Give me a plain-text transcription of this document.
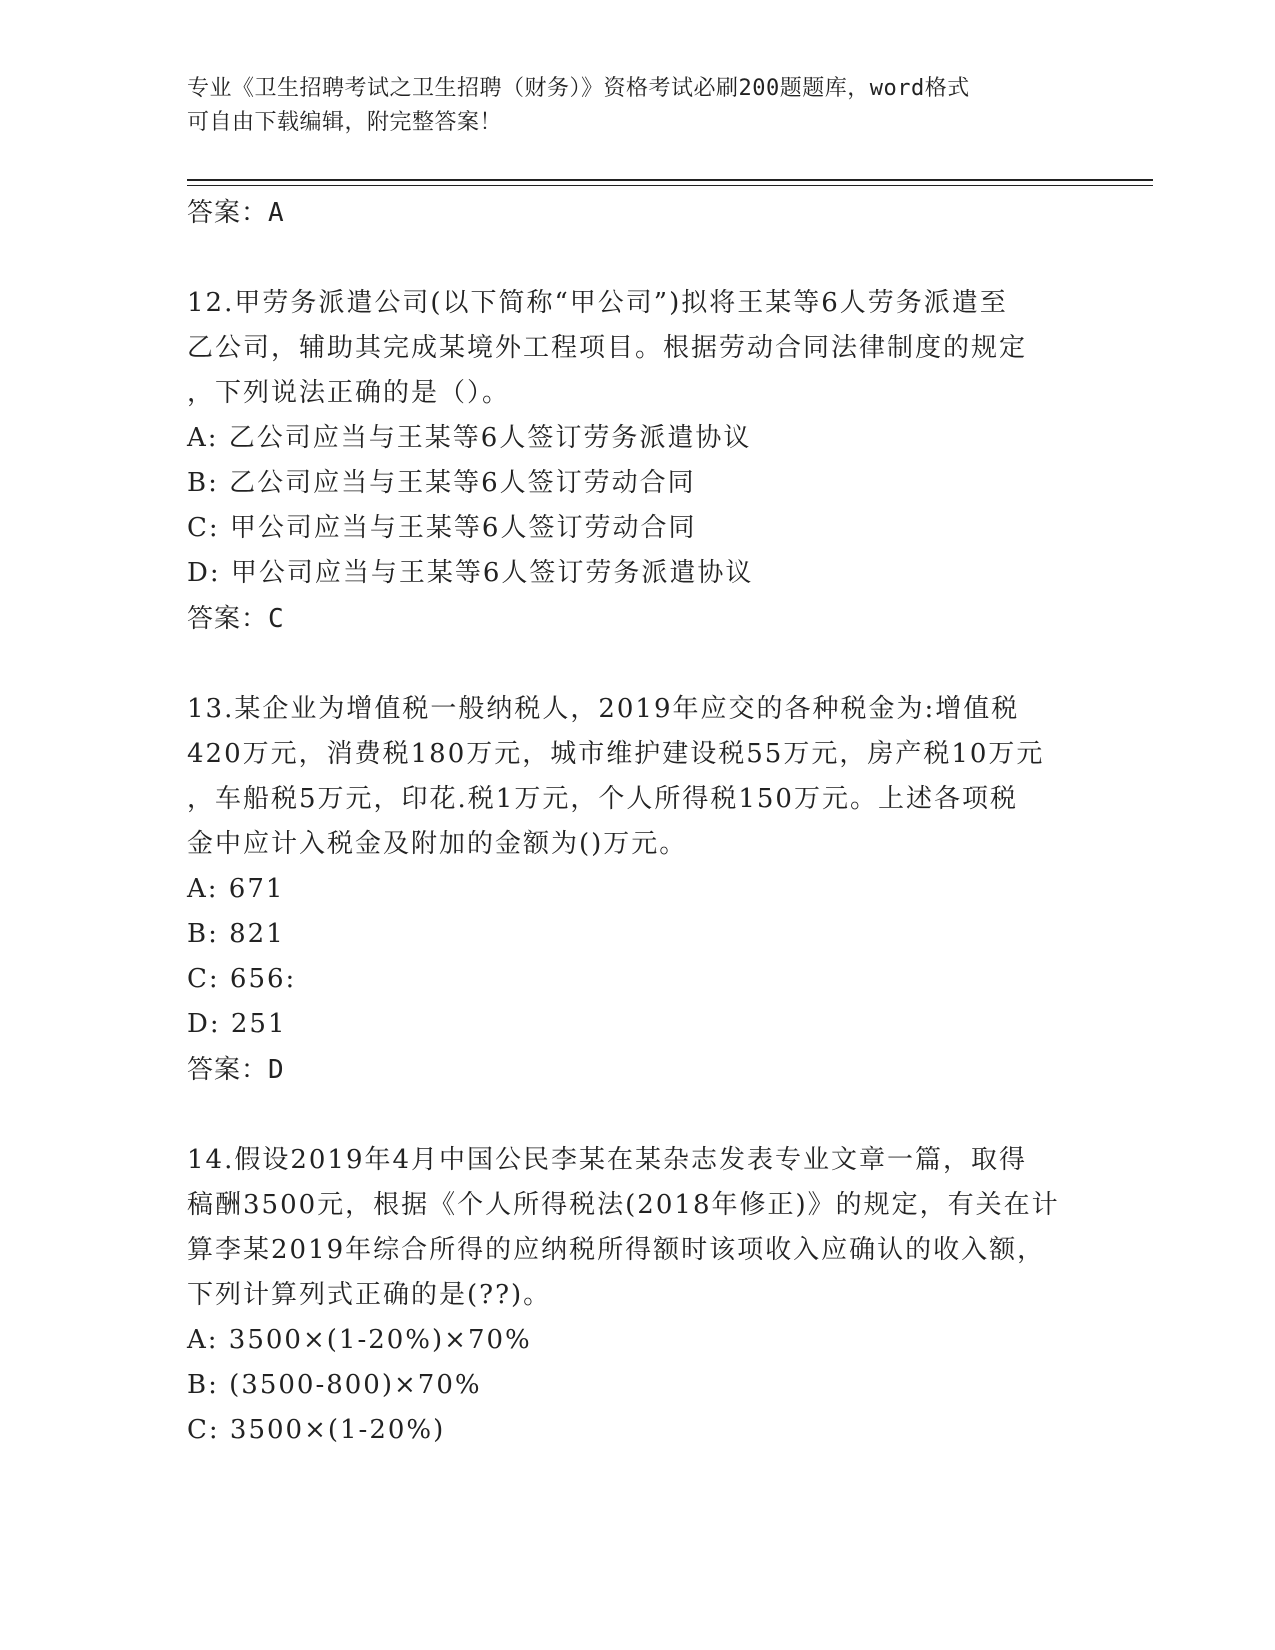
专业《卫生招聘考试之卫生招聘（财务）》资格考试必刷200题题库，word格式
可自由下载编辑，附完整答案！
答案：A
12.甲劳务派遣公司(以下简称“甲公司”)拟将王某等6人劳务派遣至
乙公司，辅助其完成某境外工程项目。根据劳动合同法律制度的规定
，下列说法正确的是（）。
A: 乙公司应当与王某等6人签订劳务派遣协议
B: 乙公司应当与王某等6人签订劳动合同
C: 甲公司应当与王某等6人签订劳动合同
D: 甲公司应当与王某等6人签订劳务派遣协议
答案：C
13.某企业为增值税一般纳税人，2019年应交的各种税金为:增值税
420万元，消费税180万元，城市维护建设税55万元，房产税10万元
，车船税5万元，印花.税1万元，个人所得税150万元。上述各项税
金中应计入税金及附加的金额为()万元。
A: 671
B: 821
C: 656:
D: 251
答案：D
14.假设2019年4月中国公民李某在某杂志发表专业文章一篇，取得
稿酬3500元，根据《个人所得税法(2018年修正)》的规定，有关在计
算李某2019年综合所得的应纳税所得额时该项收入应确认的收入额，
下列计算列式正确的是(??)。
A: 3500×(1-20%)×70%
B: (3500-800)×70%
C: 3500×(1-20%)
